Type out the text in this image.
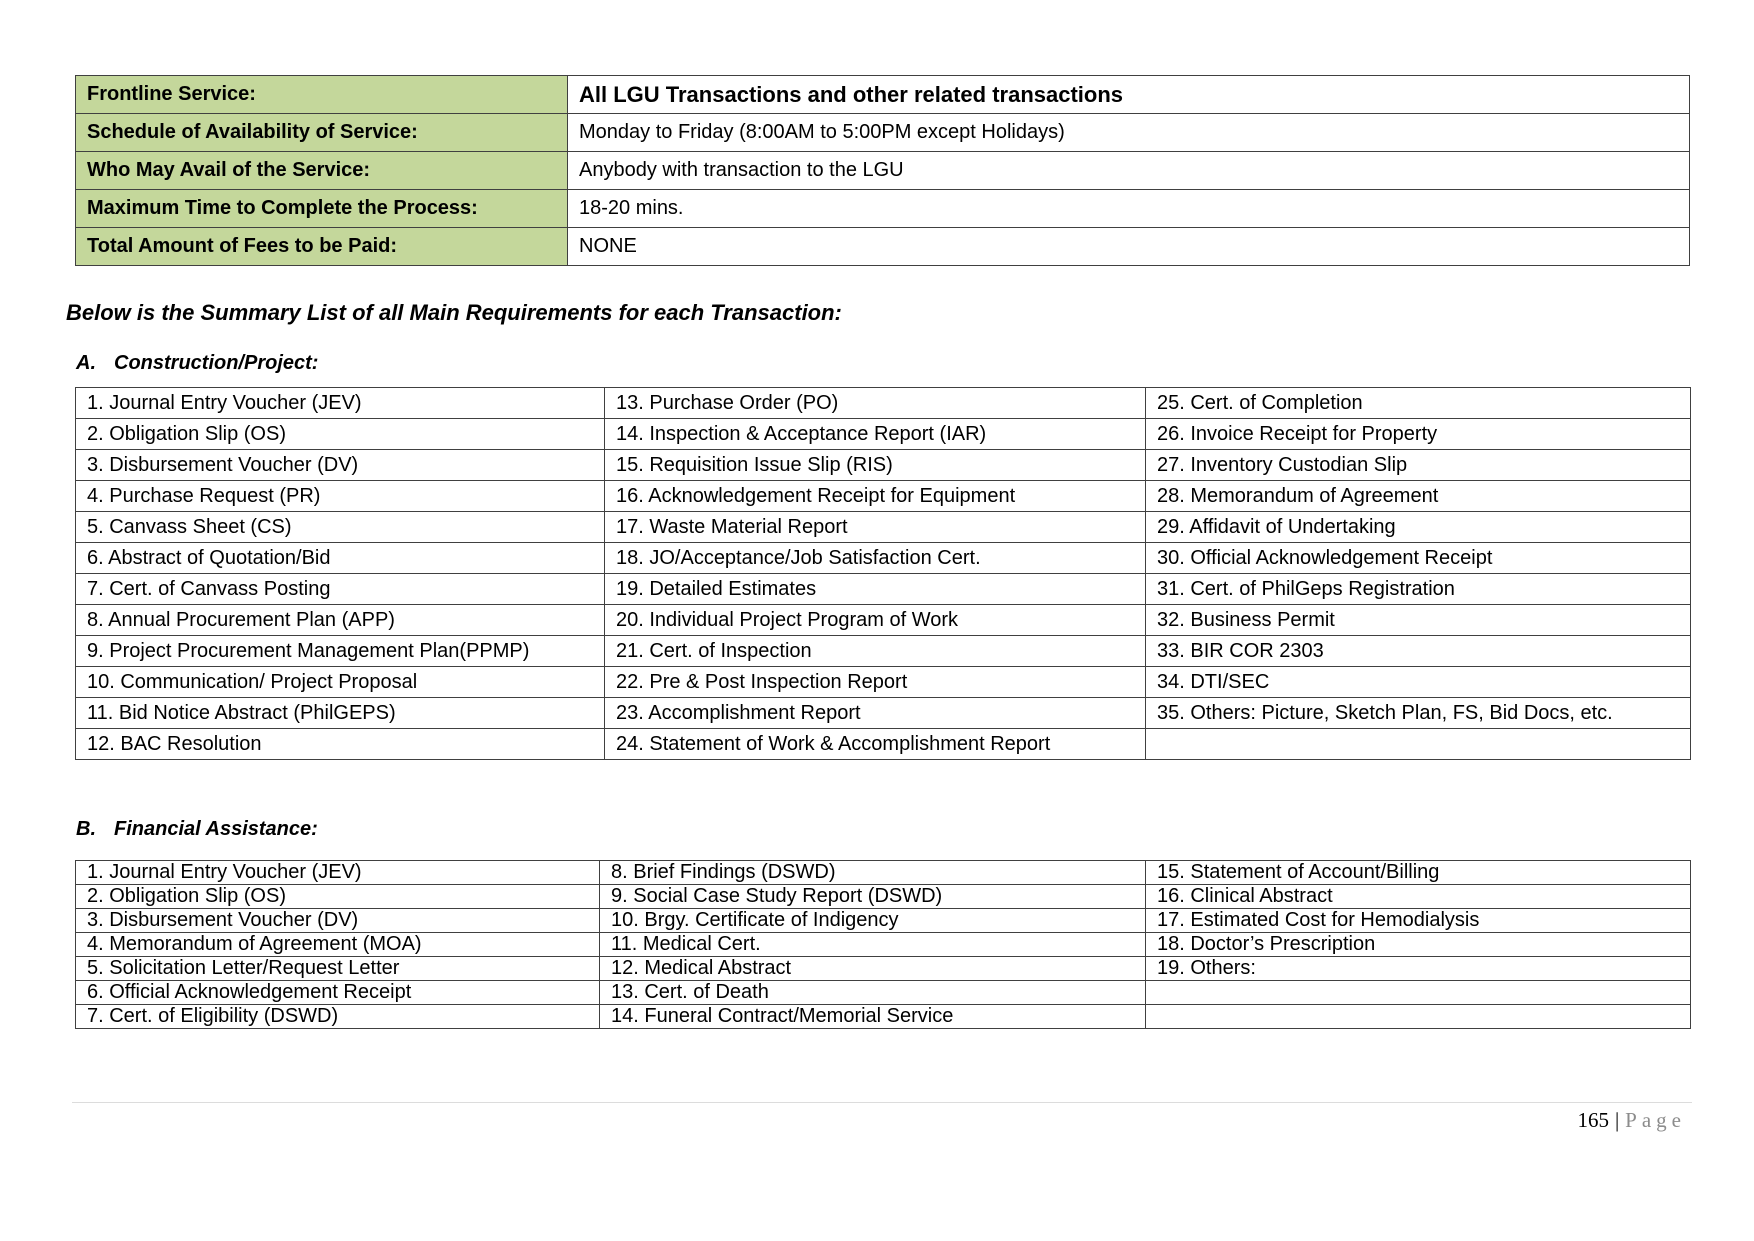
Frontline Service:	All LGU Transactions and other related transactions
Schedule of Availability of Service:	Monday to Friday (8:00AM to 5:00PM except Holidays)
Who May Avail of the Service:	Anybody with transaction to the LGU
Maximum Time to Complete the Process:	18-20 mins.
Total Amount of Fees to be Paid:	NONE

Below is the Summary List of all Main Requirements for each Transaction:

A. Construction/Project:

1. Journal Entry Voucher (JEV)	13. Purchase Order (PO)	25. Cert. of Completion
2. Obligation Slip (OS)	14. Inspection & Acceptance Report (IAR)	26. Invoice Receipt for Property
3. Disbursement Voucher (DV)	15. Requisition Issue Slip (RIS)	27. Inventory Custodian Slip
4. Purchase Request (PR)	16. Acknowledgement Receipt for Equipment	28. Memorandum of Agreement
5. Canvass Sheet (CS)	17. Waste Material Report	29. Affidavit of Undertaking
6. Abstract of Quotation/Bid	18. JO/Acceptance/Job Satisfaction Cert.	30. Official Acknowledgement Receipt
7. Cert. of Canvass Posting	19. Detailed Estimates	31. Cert. of PhilGeps Registration
8. Annual Procurement Plan (APP)	20. Individual Project Program of Work	32. Business Permit
9. Project Procurement Management Plan(PPMP)	21. Cert. of Inspection	33. BIR COR 2303
10. Communication/ Project Proposal	22. Pre & Post Inspection Report	34. DTI/SEC
11. Bid Notice Abstract (PhilGEPS)	23. Accomplishment Report	35. Others: Picture, Sketch Plan, FS, Bid Docs, etc.
12. BAC Resolution	24. Statement of Work & Accomplishment Report	

B. Financial Assistance:

1. Journal Entry Voucher (JEV)	8. Brief Findings (DSWD)	15. Statement of Account/Billing
2. Obligation Slip (OS)	9. Social Case Study Report (DSWD)	16. Clinical Abstract
3. Disbursement Voucher (DV)	10. Brgy. Certificate of Indigency	17. Estimated Cost for Hemodialysis
4. Memorandum of Agreement (MOA)	11. Medical Cert.	18. Doctor’s Prescription
5. Solicitation Letter/Request Letter	12. Medical Abstract	19. Others:
6. Official Acknowledgement Receipt	13. Cert. of Death	
7. Cert. of Eligibility (DSWD)	14. Funeral Contract/Memorial Service	
165 | Page
